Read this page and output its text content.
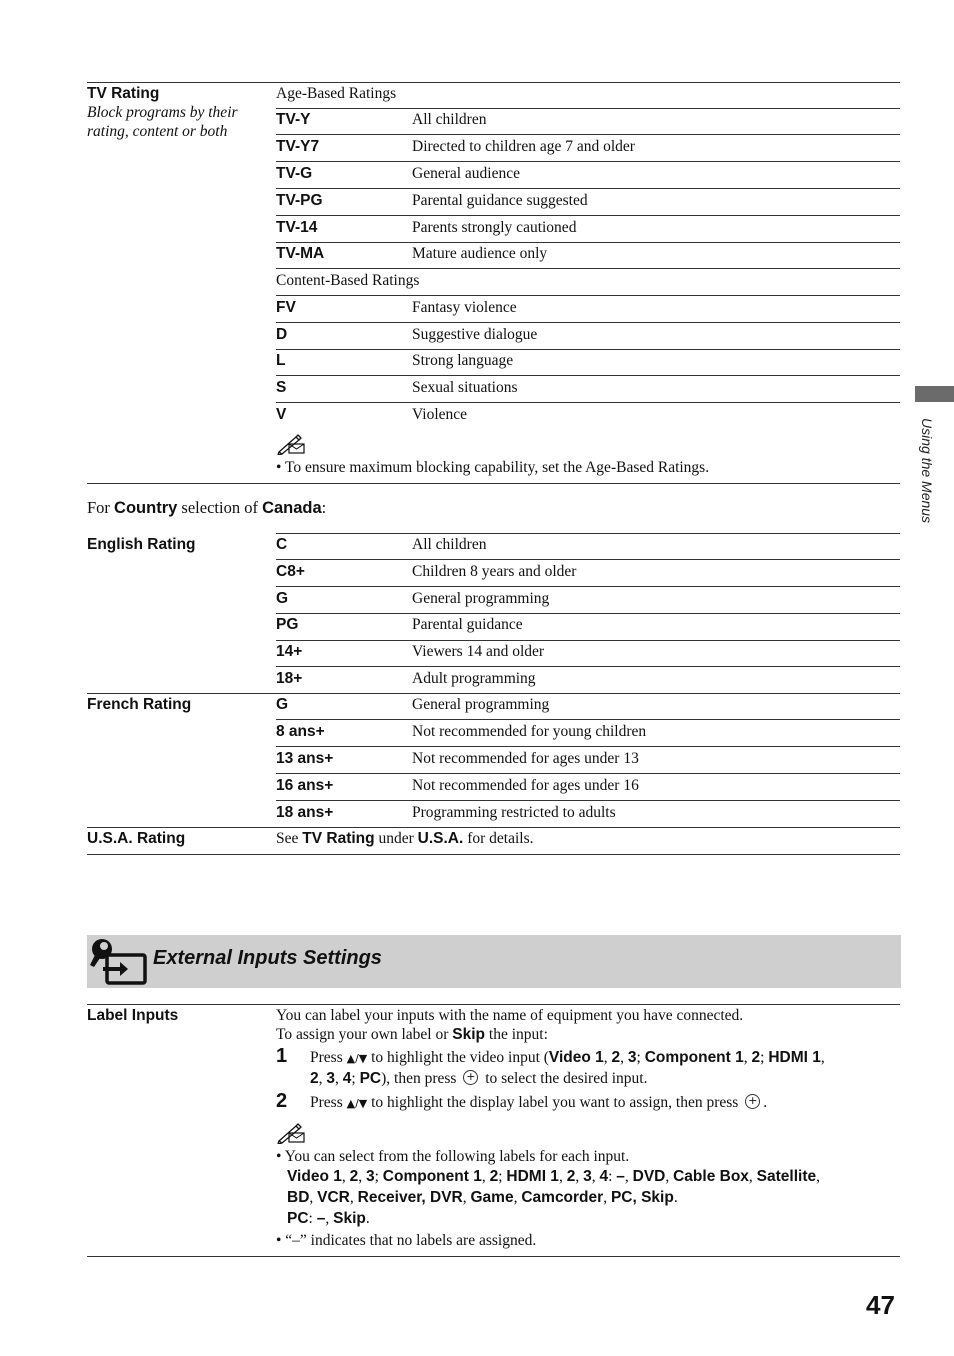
TV Rating
Block programs by their
rating, content or both
Age-Based Ratings
TV-Y	All children
TV-Y7	Directed to children age 7 and older
TV-G	General audience
TV-PG	Parental guidance suggested
TV-14	Parents strongly cautioned
TV-MA	Mature audience only
Content-Based Ratings
FV	Fantasy violence
D	Suggestive dialogue
L	Strong language
S	Sexual situations
V	Violence
• To ensure maximum blocking capability, set the Age-Based Ratings.
For Country selection of Canada:
English Rating	C	All children
C8+	Children 8 years and older
G	General programming
PG	Parental guidance
14+	Viewers 14 and older
18+	Adult programming
French Rating	G	General programming
8 ans+	Not recommended for young children
13 ans+	Not recommended for ages under 13
16 ans+	Not recommended for ages under 16
18 ans+	Programming restricted to adults
U.S.A. Rating	See TV Rating under U.S.A. for details.
Using the Menus
External Inputs Settings
Label Inputs	You can label your inputs with the name of equipment you have connected.
To assign your own label or Skip the input:
1 Press ▲/▼ to highlight the video input (Video 1, 2, 3; Component 1, 2; HDMI 1,
2, 3, 4; PC), then press + to select the desired input.
2 Press ▲/▼ to highlight the display label you want to assign, then press +.
• You can select from the following labels for each input.
Video 1, 2, 3; Component 1, 2; HDMI 1, 2, 3, 4: –, DVD, Cable Box, Satellite,
BD, VCR, Receiver, DVR, Game, Camcorder, PC, Skip.
PC: –, Skip.
• “–” indicates that no labels are assigned.
47
